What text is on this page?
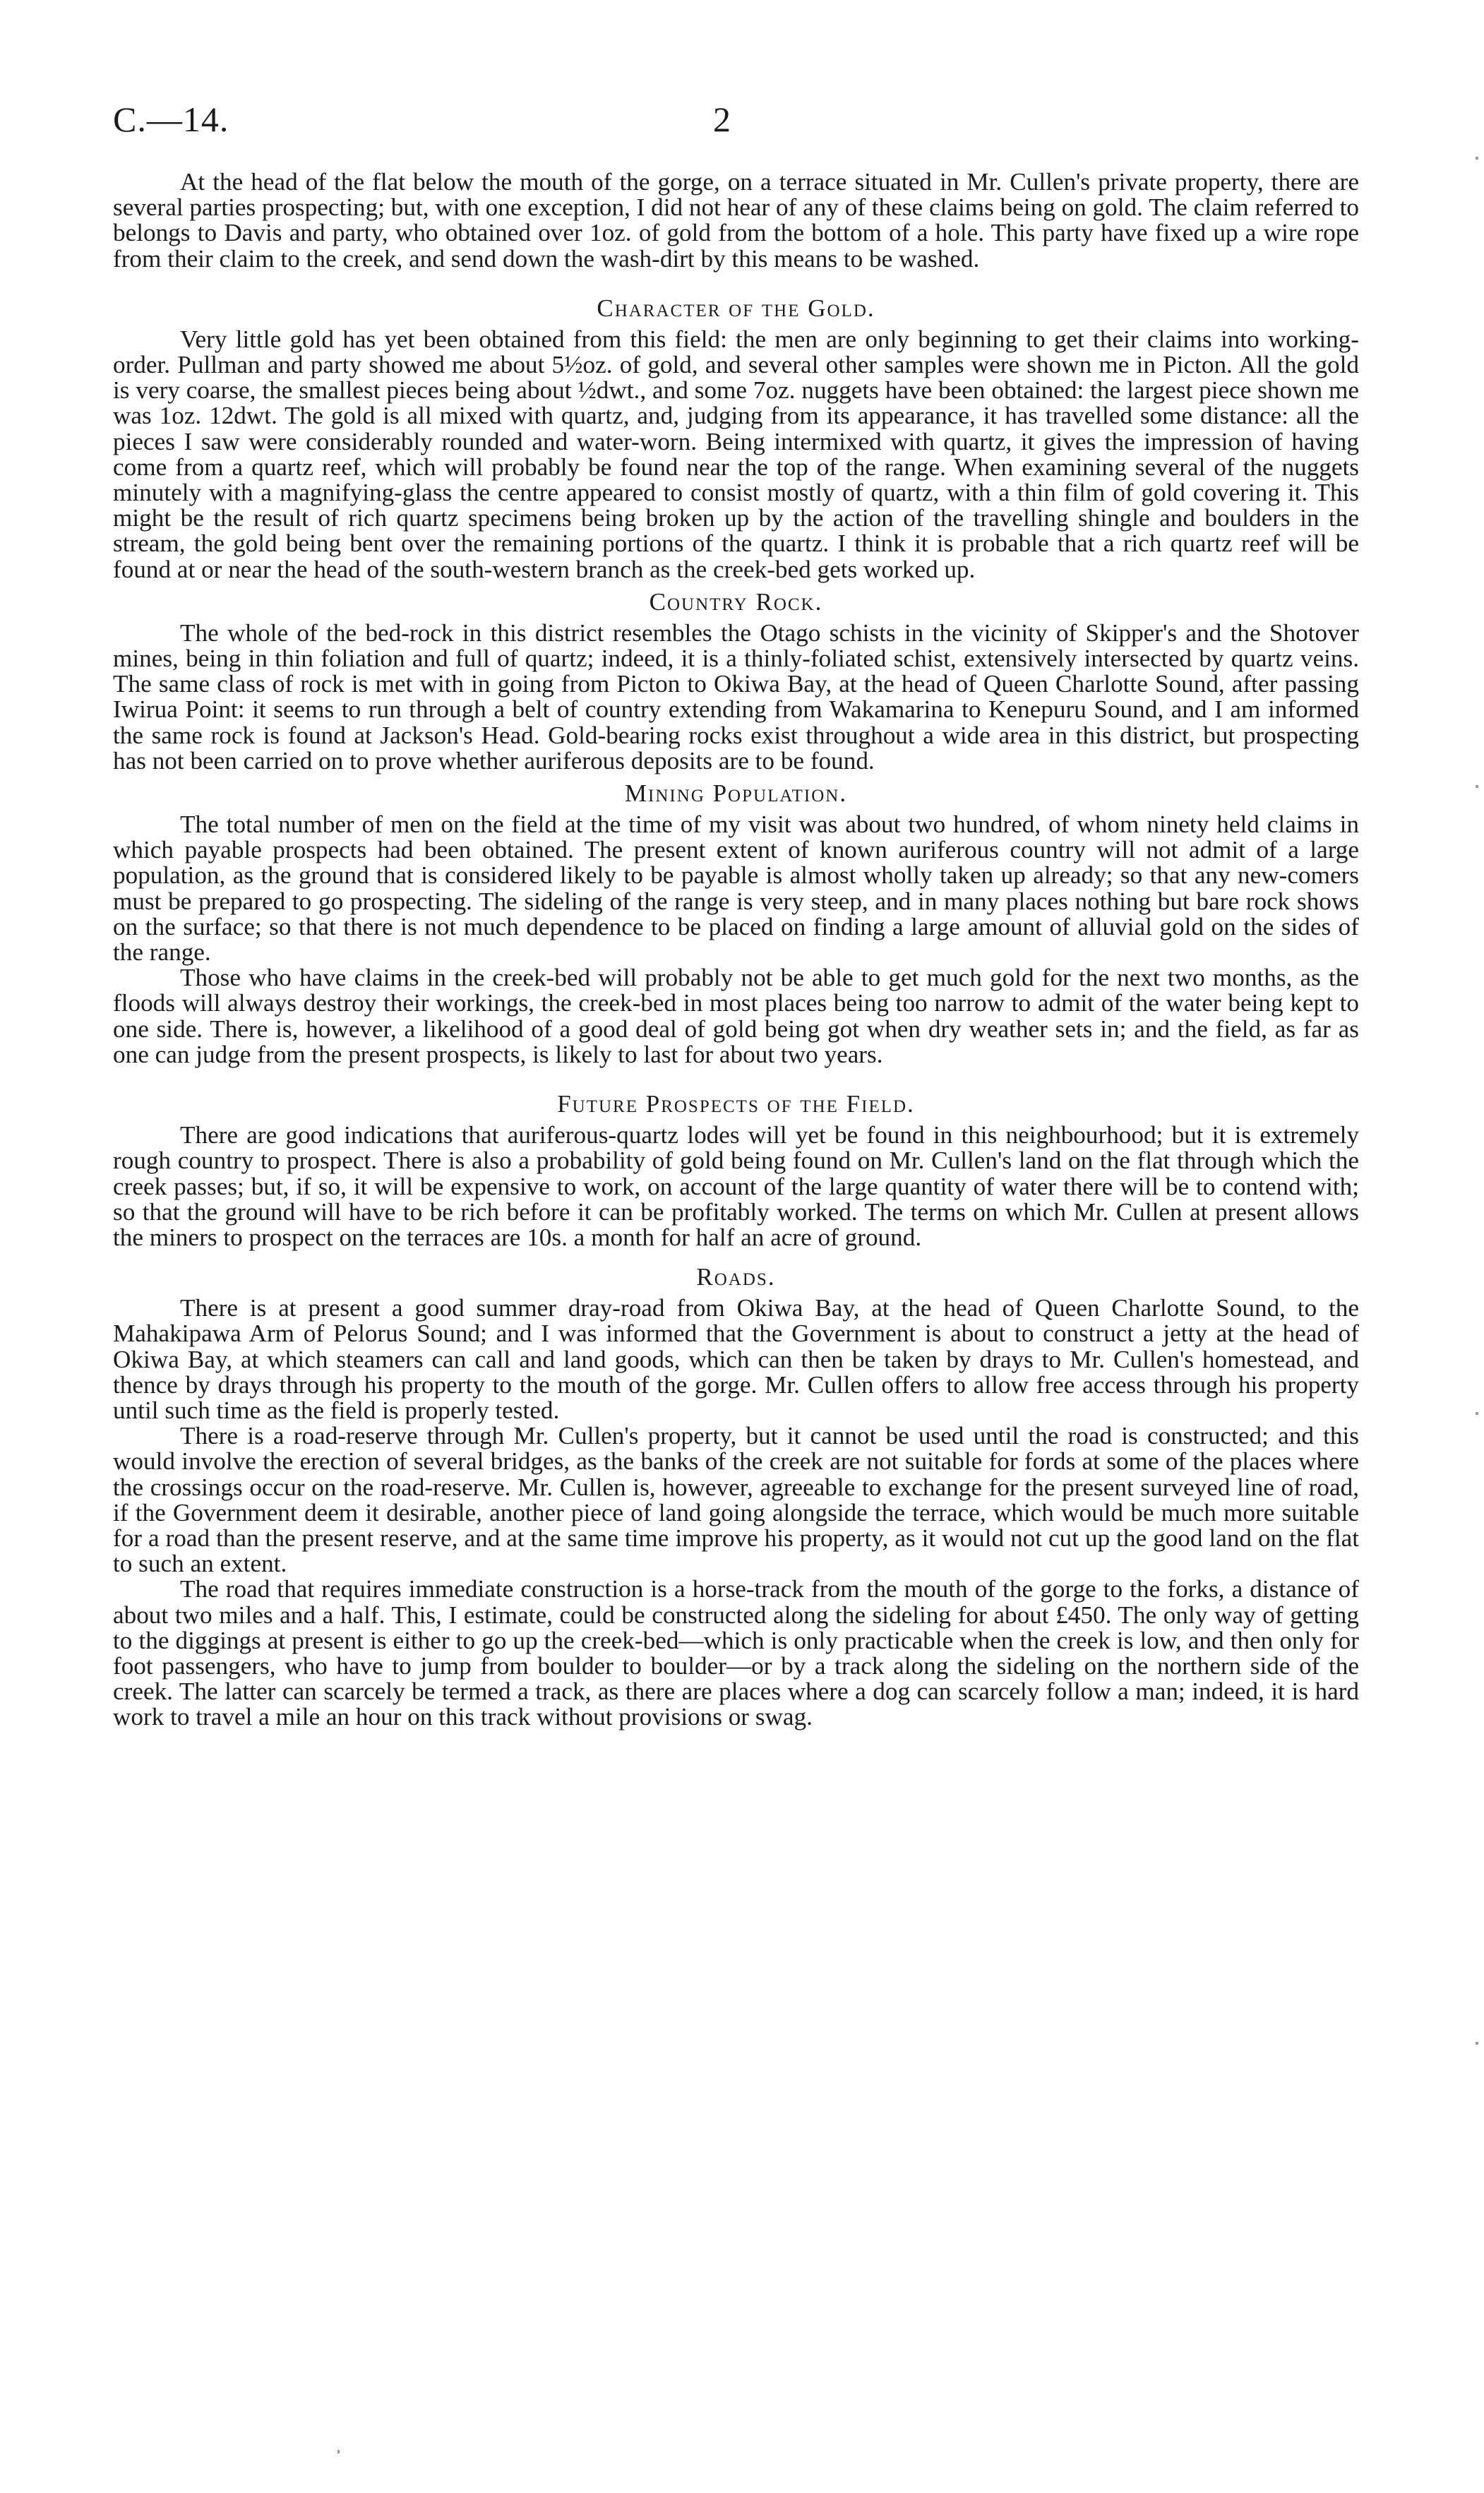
C.—14.	2

At the head of the flat below the mouth of the gorge, on a terrace situated in Mr. Cullen's private property, there are several parties prospecting; but, with one exception, I did not hear of any of these claims being on gold. The claim referred to belongs to Davis and party, who obtained over 1oz. of gold from the bottom of a hole. This party have fixed up a wire rope from their claim to the creek, and send down the wash-dirt by this means to be washed.

Character of the Gold.

Very little gold has yet been obtained from this field: the men are only beginning to get their claims into working-order. Pullman and party showed me about 5½oz. of gold, and several other samples were shown me in Picton. All the gold is very coarse, the smallest pieces being about ½dwt., and some 7oz. nuggets have been obtained: the largest piece shown me was 1oz. 12dwt. The gold is all mixed with quartz, and, judging from its appearance, it has travelled some distance: all the pieces I saw were considerably rounded and water-worn. Being intermixed with quartz, it gives the impression of having come from a quartz reef, which will probably be found near the top of the range. When examining several of the nuggets minutely with a magnifying-glass the centre appeared to consist mostly of quartz, with a thin film of gold covering it. This might be the result of rich quartz specimens being broken up by the action of the travelling shingle and boulders in the stream, the gold being bent over the remaining portions of the quartz. I think it is probable that a rich quartz reef will be found at or near the head of the south-western branch as the creek-bed gets worked up.

Country Rock.

The whole of the bed-rock in this district resembles the Otago schists in the vicinity of Skipper's and the Shotover mines, being in thin foliation and full of quartz; indeed, it is a thinly-foliated schist, extensively intersected by quartz veins. The same class of rock is met with in going from Picton to Okiwa Bay, at the head of Queen Charlotte Sound, after passing Iwirua Point: it seems to run through a belt of country extending from Wakamarina to Kenepuru Sound, and I am informed the same rock is found at Jackson's Head. Gold-bearing rocks exist throughout a wide area in this district, but prospecting has not been carried on to prove whether auriferous deposits are to be found.

Mining Population.

The total number of men on the field at the time of my visit was about two hundred, of whom ninety held claims in which payable prospects had been obtained. The present extent of known auriferous country will not admit of a large population, as the ground that is considered likely to be payable is almost wholly taken up already; so that any new-comers must be prepared to go prospecting. The sideling of the range is very steep, and in many places nothing but bare rock shows on the surface; so that there is not much dependence to be placed on finding a large amount of alluvial gold on the sides of the range.

Those who have claims in the creek-bed will probably not be able to get much gold for the next two months, as the floods will always destroy their workings, the creek-bed in most places being too narrow to admit of the water being kept to one side. There is, however, a likelihood of a good deal of gold being got when dry weather sets in; and the field, as far as one can judge from the present prospects, is likely to last for about two years.

Future Prospects of the Field.

There are good indications that auriferous-quartz lodes will yet be found in this neighbourhood; but it is extremely rough country to prospect. There is also a probability of gold being found on Mr. Cullen's land on the flat through which the creek passes; but, if so, it will be expensive to work, on account of the large quantity of water there will be to contend with; so that the ground will have to be rich before it can be profitably worked. The terms on which Mr. Cullen at present allows the miners to prospect on the terraces are 10s. a month for half an acre of ground.

Roads.

There is at present a good summer dray-road from Okiwa Bay, at the head of Queen Charlotte Sound, to the Mahakipawa Arm of Pelorus Sound; and I was informed that the Government is about to construct a jetty at the head of Okiwa Bay, at which steamers can call and land goods, which can then be taken by drays to Mr. Cullen's homestead, and thence by drays through his property to the mouth of the gorge. Mr. Cullen offers to allow free access through his property until such time as the field is properly tested.

There is a road-reserve through Mr. Cullen's property, but it cannot be used until the road is constructed; and this would involve the erection of several bridges, as the banks of the creek are not suitable for fords at some of the places where the crossings occur on the road-reserve. Mr. Cullen is, however, agreeable to exchange for the present surveyed line of road, if the Government deem it desirable, another piece of land going alongside the terrace, which would be much more suitable for a road than the present reserve, and at the same time improve his property, as it would not cut up the good land on the flat to such an extent.

The road that requires immediate construction is a horse-track from the mouth of the gorge to the forks, a distance of about two miles and a half. This, I estimate, could be constructed along the sideling for about £450. The only way of getting to the diggings at present is either to go up the creek-bed—which is only practicable when the creek is low, and then only for foot passengers, who have to jump from boulder to boulder—or by a track along the sideling on the northern side of the creek. The latter can scarcely be termed a track, as there are places where a dog can scarcely follow a man; indeed, it is hard work to travel a mile an hour on this track without provisions or swag.
